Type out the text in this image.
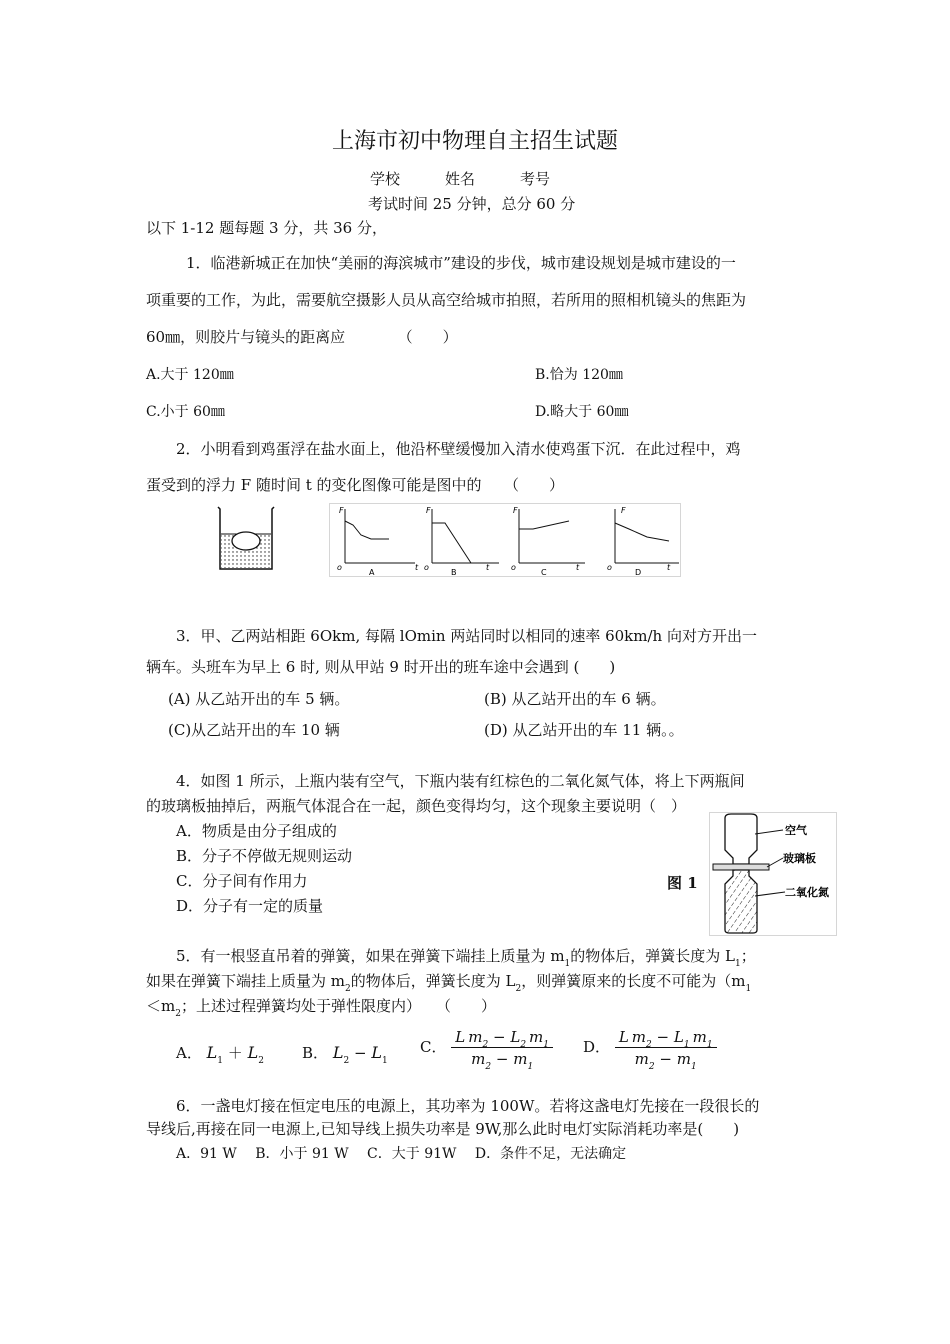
上海市初中物理自主招生试题
学校　　　姓名　　　考号
考试时间 25 分钟，总分 60 分
以下 1-12 题每题 3 分，共 36 分，
1．临港新城正在加快“美丽的海滨城市”建设的步伐，城市建设规划是城市建设的一
项重要的工作，为此，需要航空摄影人员从高空给城市拍照，若所用的照相机镜头的焦距为
60㎜，则胶片与镜头的距离应　　　　（　　）
A.大于 120㎜	B.恰为 120㎜
C.小于 60㎜	D.略大于 60㎜
2．小明看到鸡蛋浮在盐水面上，他沿杯壁缓慢加入清水使鸡蛋下沉．在此过程中，鸡
蛋受到的浮力 F 随时间 t 的变化图像可能是图中的　　（　　）
F
o	t
A
F
o	t
B
F
o	t
C
F
o	t
D
3．甲、乙两站相距 6Okm, 每隔 lOmin 两站同时以相同的速率 60km/h 向对方开出一
辆车。头班车为早上 6 时, 则从甲站 9 时开出的班车途中会遇到 (　　)
(A) 从乙站开出的车 5 辆。	(B) 从乙站开出的车 6 辆。
(C)从乙站开出的车 10 辆	(D) 从乙站开出的车 11 辆。。
4．如图 1 所示，上瓶内装有空气，下瓶内装有红棕色的二氧化氮气体，将上下两瓶间
的玻璃板抽掉后，两瓶气体混合在一起，颜色变得均匀，这个现象主要说明（　）
A．物质是由分子组成的
B．分子不停做无规则运动
C．分子间有作用力
D．分子有一定的质量
图 1
空气
玻璃板
二氧化氮
5．有一根竖直吊着的弹簧，如果在弹簧下端挂上质量为 $m_1$的物体后，弹簧长度为 $L_1$；
如果在弹簧下端挂上质量为 $m_2$的物体后，弹簧长度为 $L_2$，则弹簧原来的长度不可能为（$m_1$
$<m_2$；上述过程弹簧均处于弹性限度内）　　（　　）
A． $L_1 + L_2$	B． $L_2 - L_1$
C． $\frac{L m_2 - L_2 m_1}{m_2 - m_1}$ D． $\frac{L m_2 - L_1 m_1}{m_2 - m_1}$
6．一盏电灯接在恒定电压的电源上，其功率为 100W。若将这盏电灯先接在一段很长的
导线后,再接在同一电源上,已知导线上损失功率是 9W,那么此时电灯实际消耗功率是(　　)
A．91 W　 B．小于 91 W　 C．大于 91W　 D．条件不足，无法确定
